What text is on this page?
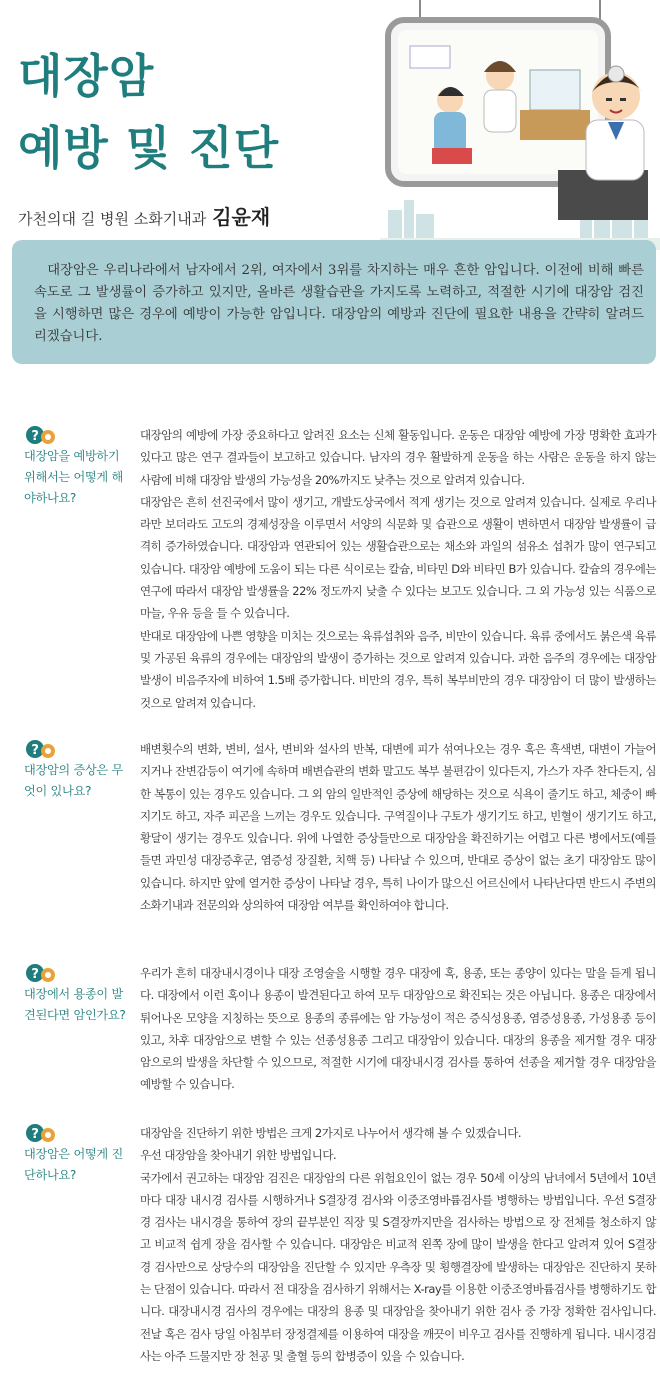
대장암
예방 및 진단
가천의대 길 병원 소화기내과 김윤재
대장암은 우리나라에서 남자에서 2위, 여자에서 3위를 차지하는 매우 흔한 암입니다. 이전에 비해 빠른 속도로 그 발생률이 증가하고 있지만, 올바른 생활습관을 가지도록 노력하고, 적절한 시기에 대장암 검진을 시행하면 많은 경우에 예방이 가능한 암입니다. 대장암의 예방과 진단에 필요한 내용을 간략히 알려드리겠습니다.
?
대장암을 예방하기 위해서는 어떻게 해야하나요?

대장암의 예방에 가장 중요하다고 알려진 요소는 신체 활동입니다. 운동은 대장암 예방에 가장 명확한 효과가 있다고 많은 연구 결과들이 보고하고 있습니다. 남자의 경우 활발하게 운동을 하는 사람은 운동을 하지 않는 사람에 비해 대장암 발생의 가능성을 20%까지도 낮추는 것으로 알려져 있습니다.

대장암은 흔히 선진국에서 많이 생기고, 개발도상국에서 적게 생기는 것으로 알려져 있습니다. 실제로 우리나라만 보더라도 고도의 경제성장을 이루면서 서양의 식문화 및 습관으로 생활이 변하면서 대장암 발생률이 급격히 증가하였습니다. 대장암과 연관되어 있는 생활습관으로는 채소와 과일의 섬유소 섭취가 많이 연구되고 있습니다. 대장암 예방에 도움이 되는 다른 식이로는 칼슘, 비타민 D와 비타민 B가 있습니다. 칼슘의 경우에는 연구에 따라서 대장암 발생률을 22% 정도까지 낮출 수 있다는 보고도 있습니다. 그 외 가능성 있는 식품으로 마늘, 우유 등을 들 수 있습니다.

반대로 대장암에 나쁜 영향을 미치는 것으로는 육류섭취와 음주, 비만이 있습니다. 육류 중에서도 붉은색 육류 및 가공된 육류의 경우에는 대장암의 발생이 증가하는 것으로 알려져 있습니다. 과한 음주의 경우에는 대장암 발생이 비음주자에 비하여 1.5배 증가합니다. 비만의 경우, 특히 복부비만의 경우 대장암이 더 많이 발생하는 것으로 알려져 있습니다.

?
대장암의 증상은 무엇이 있나요?

배변횟수의 변화, 변비, 설사, 변비와 설사의 반복, 대변에 피가 섞여나오는 경우 혹은 흑색변, 대변이 가늘어 지거나 잔변감등이 여기에 속하며 배변습관의 변화 말고도 복부 불편감이 있다든지, 가스가 자주 찬다든지, 심한 복통이 있는 경우도 있습니다. 그 외 암의 일반적인 증상에 해당하는 것으로 식욕이 줄기도 하고, 체중이 빠지기도 하고, 자주 피곤을 느끼는 경우도 있습니다. 구역질이나 구토가 생기기도 하고, 빈혈이 생기기도 하고, 황달이 생기는 경우도 있습니다. 위에 나열한 증상들만으로 대장암을 확진하기는 어렵고 다른 병에서도(예를 들면 과민성 대장증후군, 염증성 장질환, 치핵 등) 나타날 수 있으며, 반대로 증상이 없는 초기 대장암도 많이 있습니다. 하지만 앞에 열거한 증상이 나타날 경우, 특히 나이가 많으신 어르신에서 나타난다면 반드시 주변의 소화기내과 전문의와 상의하여 대장암 여부를 확인하여야 합니다.

?
대장에서 용종이 발견된다면 암인가요?

우리가 흔히 대장내시경이나 대장 조영술을 시행할 경우 대장에 혹, 용종, 또는 종양이 있다는 말을 듣게 됩니다. 대장에서 이런 혹이나 용종이 발견된다고 하여 모두 대장암으로 확진되는 것은 아닙니다. 용종은 대장에서 튀어나온 모양을 지칭하는 뜻으로 용종의 종류에는 암 가능성이 적은 증식성용종, 염증성용종, 가성용종 등이 있고, 차후 대장암으로 변할 수 있는 선종성용종 그리고 대장암이 있습니다. 대장의 용종을 제거할 경우 대장암으로의 발생을 차단할 수 있으므로, 적절한 시기에 대장내시경 검사를 통하여 선종을 제거할 경우 대장암을 예방할 수 있습니다.

?
대장암은 어떻게 진단하나요?

대장암을 진단하기 위한 방법은 크게 2가지로 나누어서 생각해 볼 수 있겠습니다.

우선 대장암을 찾아내기 위한 방법입니다.

국가에서 권고하는 대장암 검진은 대장암의 다른 위험요인이 없는 경우 50세 이상의 남녀에서 5년에서 10년 마다 대장 내시경 검사를 시행하거나 S결장경 검사와 이중조영바륨검사를 병행하는 방법입니다. 우선 S결장경 검사는 내시경을 통하여 장의 끝부분인 직장 및 S결장까지만을 검사하는 방법으로 장 전체를 청소하지 않고 비교적 쉽게 장을 검사할 수 있습니다. 대장암은 비교적 왼쪽 장에 많이 발생을 한다고 알려져 있어 S결장경 검사만으로 상당수의 대장암을 진단할 수 있지만 우측장 및 횡행결장에 발생하는 대장암은 진단하지 못하는 단점이 있습니다. 따라서 전 대장을 검사하기 위해서는 X-ray를 이용한 이중조영바륨검사를 병행하기도 합니다. 대장내시경 검사의 경우에는 대장의 용종 및 대장암을 찾아내기 위한 검사 중 가장 정확한 검사입니다. 전날 혹은 검사 당일 아침부터 장정결제를 이용하여 대장을 깨끗이 비우고 검사를 진행하게 됩니다. 내시경검사는 아주 드물지만 장 천공 및 출혈 등의 합병증이 있을 수 있습니다.
